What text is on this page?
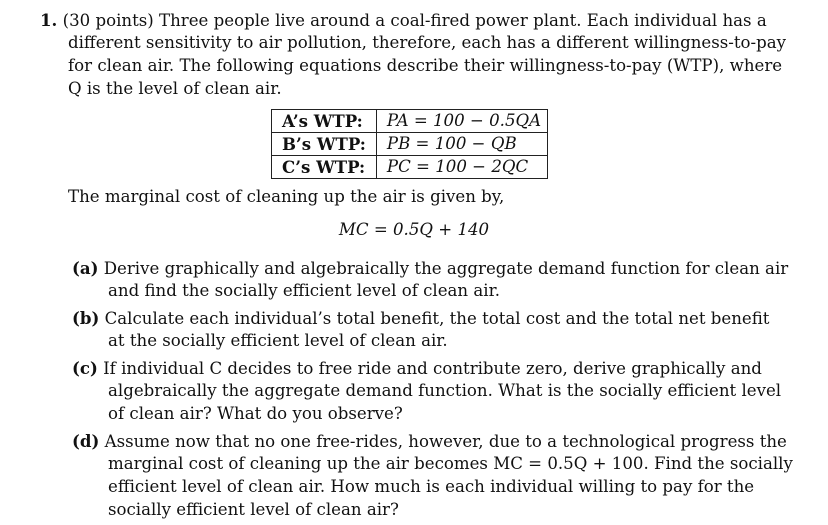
1. (30 points) Three people live around a coal-fired power plant. Each individual has a
different sensitivity to air pollution, therefore, each has a different willingness-to-pay
for clean air. The following equations describe their willingness-to-pay (WTP), where
Q is the level of clean air.
A’s WTP:	PA = 100 − 0.5QA
B’s WTP:	PB = 100 − QB
C’s WTP:	PC = 100 − 2QC
The marginal cost of cleaning up the air is given by,
MC = 0.5Q + 140
(a) Derive graphically and algebraically the aggregate demand function for clean air
and find the socially efficient level of clean air.
(b) Calculate each individual’s total benefit, the total cost and the total net benefit
at the socially efficient level of clean air.
(c) If individual C decides to free ride and contribute zero, derive graphically and
algebraically the aggregate demand function. What is the socially efficient level
of clean air? What do you observe?
(d) Assume now that no one free-rides, however, due to a technological progress the
marginal cost of cleaning up the air becomes MC = 0.5Q + 100. Find the socially
efficient level of clean air. How much is each individual willing to pay for the
socially efficient level of clean air?
